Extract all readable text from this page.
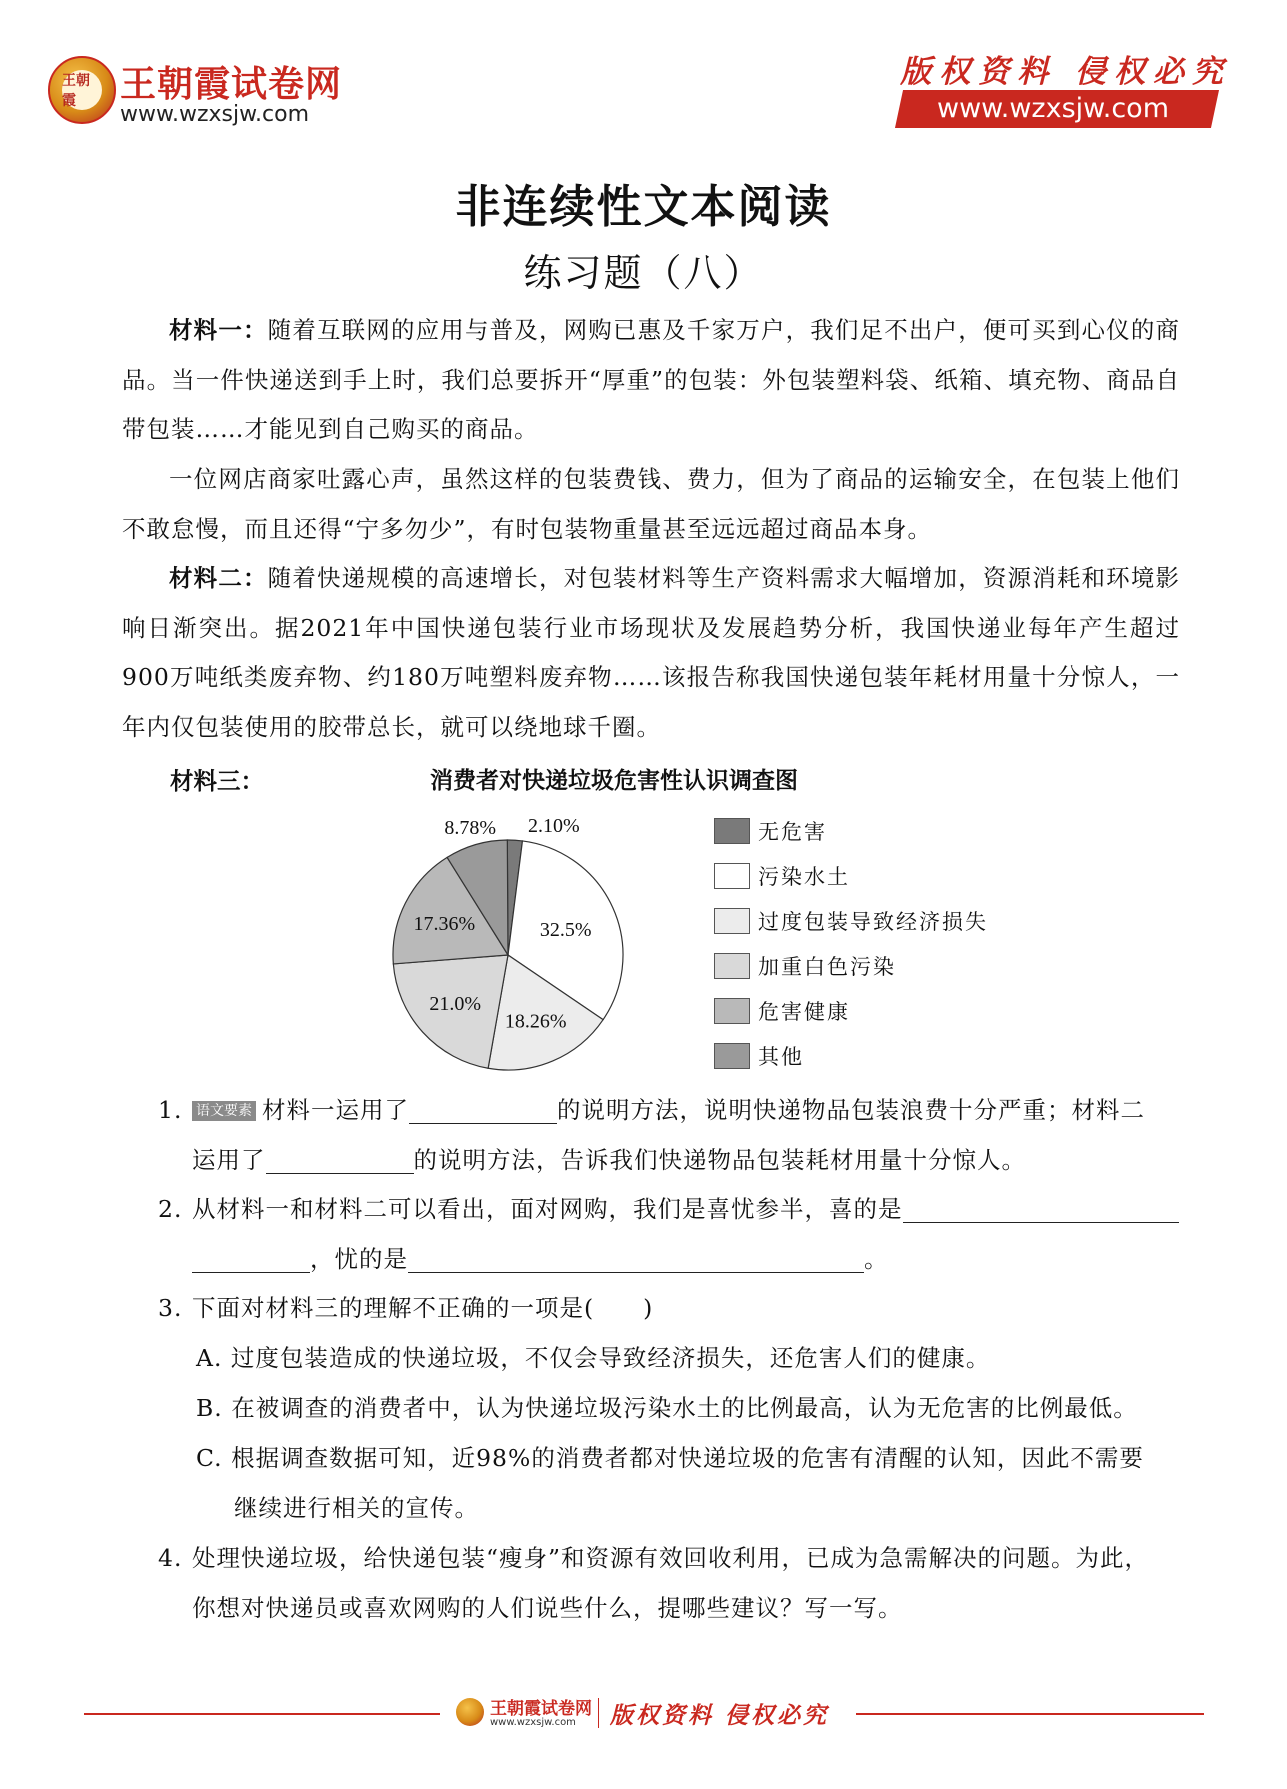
王朝霞	王朝霞试卷网
www.wzxsjw.com
版权资料 侵权必究
www.wzxsjw.com
非连续性文本阅读
练习题（八）
材料一：随着互联网的应用与普及，网购已惠及千家万户，我们足不出户，便可买到心仪的商品。当一件快递送到手上时，我们总要拆开“厚重”的包装：外包装塑料袋、纸箱、填充物、商品自带包装……才能见到自己购买的商品。
一位网店商家吐露心声，虽然这样的包装费钱、费力，但为了商品的运输安全，在包装上他们不敢怠慢，而且还得“宁多勿少”，有时包装物重量甚至远远超过商品本身。
材料二：随着快递规模的高速增长，对包装材料等生产资料需求大幅增加，资源消耗和环境影响日渐突出。据2021年中国快递包装行业市场现状及发展趋势分析，我国快递业每年产生超过900万吨纸类废弃物、约180万吨塑料废弃物……该报告称我国快递包装年耗材用量十分惊人，一年内仅包装使用的胶带总长，就可以绕地球千圈。
材料三：	消费者对快递垃圾危害性认识调查图
2.10%
32.5%
18.26%
21.0%
17.36%
8.78%	无危害
污染水土
过度包装导致经济损失
加重白色污染
危害健康
其他
1. 语文要素 材料一运用了	的说明方法，说明快递物品包装浪费十分严重；材料二
运用了	的说明方法，告诉我们快递物品包装耗材用量十分惊人。
2. 从材料一和材料二可以看出，面对网购，我们是喜忧参半，喜的是
，忧的是	。
3. 下面对材料三的理解不正确的一项是(　　)
A. 过度包装造成的快递垃圾，不仅会导致经济损失，还危害人们的健康。
B. 在被调查的消费者中，认为快递垃圾污染水土的比例最高，认为无危害的比例最低。
C. 根据调查数据可知，近98%的消费者都对快递垃圾的危害有清醒的认知，因此不需要
继续进行相关的宣传。
4. 处理快递垃圾，给快递包装“瘦身”和资源有效回收利用，已成为急需解决的问题。为此，
你想对快递员或喜欢网购的人们说些什么，提哪些建议？写一写。
王朝霞试卷网
www.wzxsjw.com 版权资料 侵权必究
